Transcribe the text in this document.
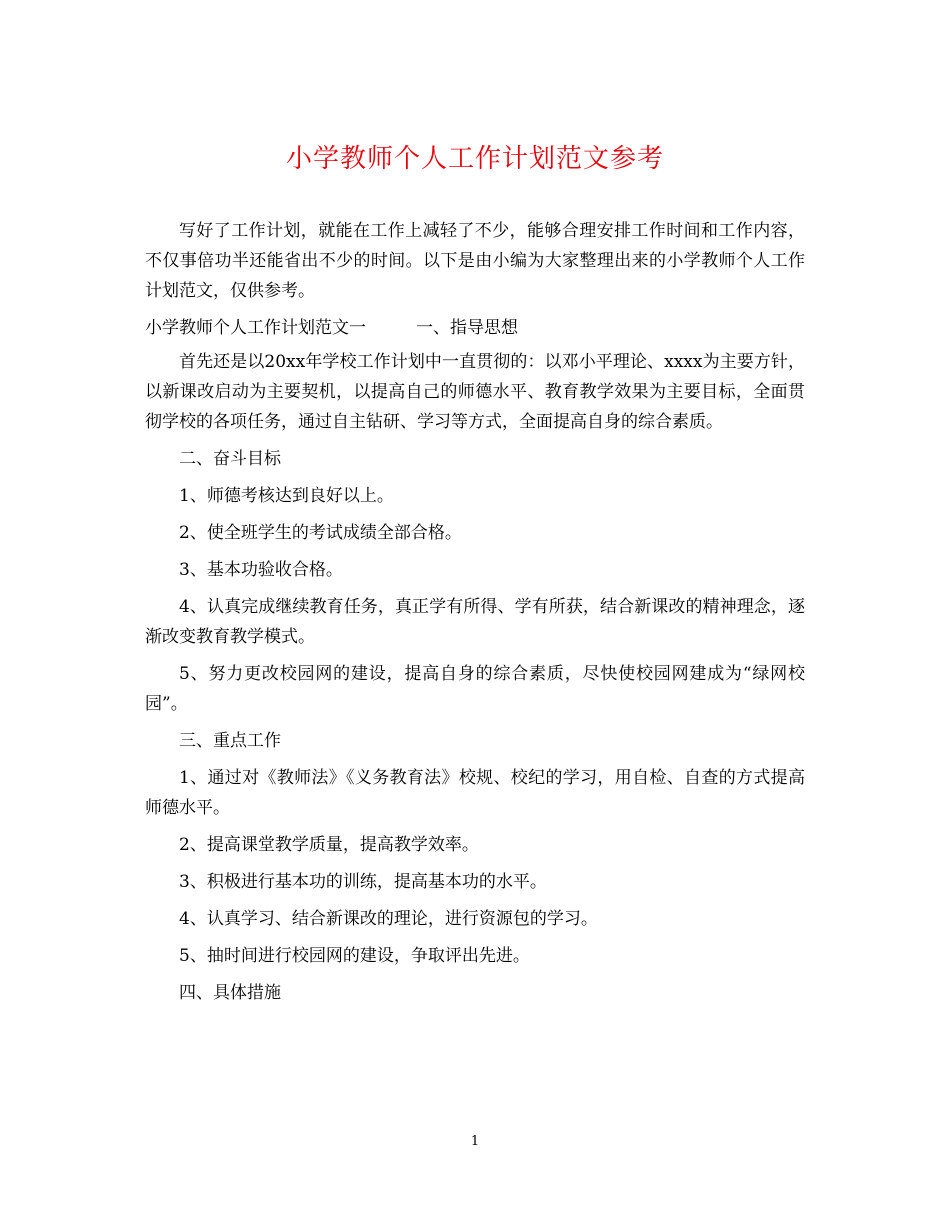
小学教师个人工作计划范文参考

写好了工作计划，就能在工作上减轻了不少，能够合理安排工作时间和工作内容，不仅事倍功半还能省出不少的时间。以下是由小编为大家整理出来的小学教师个人工作计划范文，仅供参考。

小学教师个人工作计划范文一	一、指导思想

首先还是以20xx年学校工作计划中一直贯彻的：以邓小平理论、xxxx为主要方针，以新课改启动为主要契机，以提高自己的师德水平、教育教学效果为主要目标，全面贯彻学校的各项任务，通过自主钻研、学习等方式，全面提高自身的综合素质。

二、奋斗目标

1、师德考核达到良好以上。

2、使全班学生的考试成绩全部合格。

3、基本功验收合格。

4、认真完成继续教育任务，真正学有所得、学有所获，结合新课改的精神理念，逐渐改变教育教学模式。

5、努力更改校园网的建设，提高自身的综合素质，尽快使校园网建成为“绿网校园”。

三、重点工作

1、通过对《教师法》《义务教育法》校规、校纪的学习，用自检、自查的方式提高师德水平。

2、提高课堂教学质量，提高教学效率。

3、积极进行基本功的训练，提高基本功的水平。

4、认真学习、结合新课改的理论，进行资源包的学习。

5、抽时间进行校园网的建设，争取评出先进。

四、具体措施

1
